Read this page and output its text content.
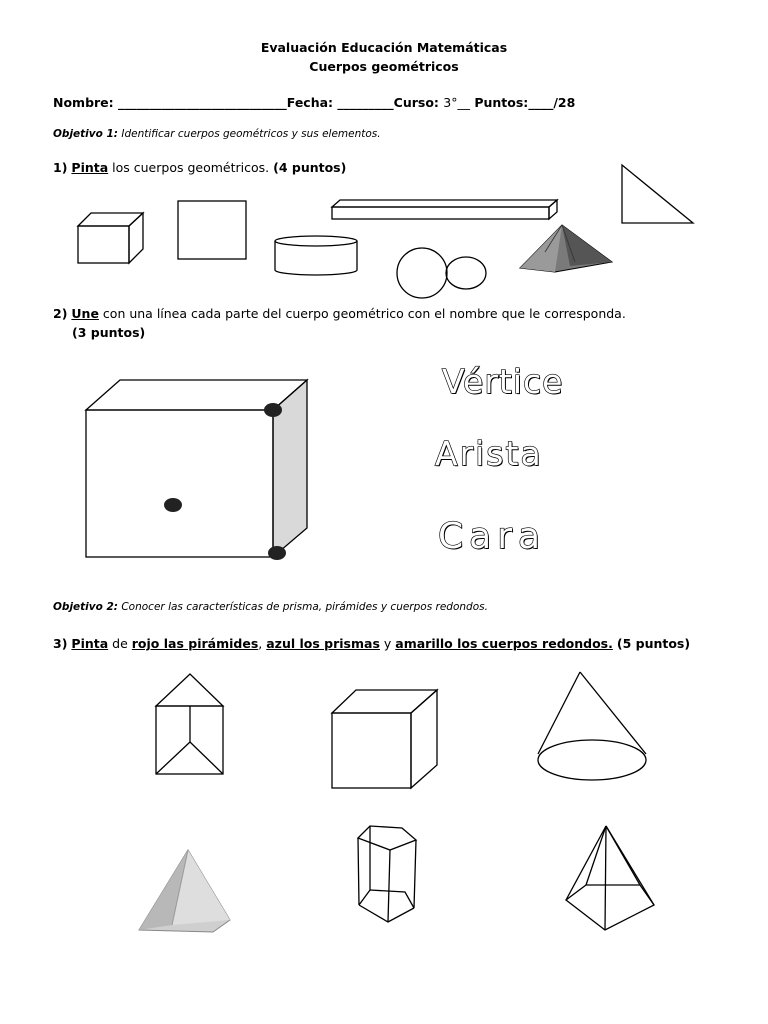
Evaluación Educación Matemáticas
Cuerpos geométricos
Nombre: ___________________________Fecha: _________Curso: 3°__ Puntos:____/28
Objetivo 1: Identificar cuerpos geométricos y sus elementos.
1) Pinta los cuerpos geométricos. (4 puntos)
2) Une con una línea cada parte del cuerpo geométrico con el nombre que le corresponda.
(3 puntos)
Vértice
Arista
Cara
Objetivo 2: Conocer las características de prisma, pirámides y cuerpos redondos.
3) Pinta de rojo las pirámides, azul los prismas y amarillo los cuerpos redondos. (5 puntos)
